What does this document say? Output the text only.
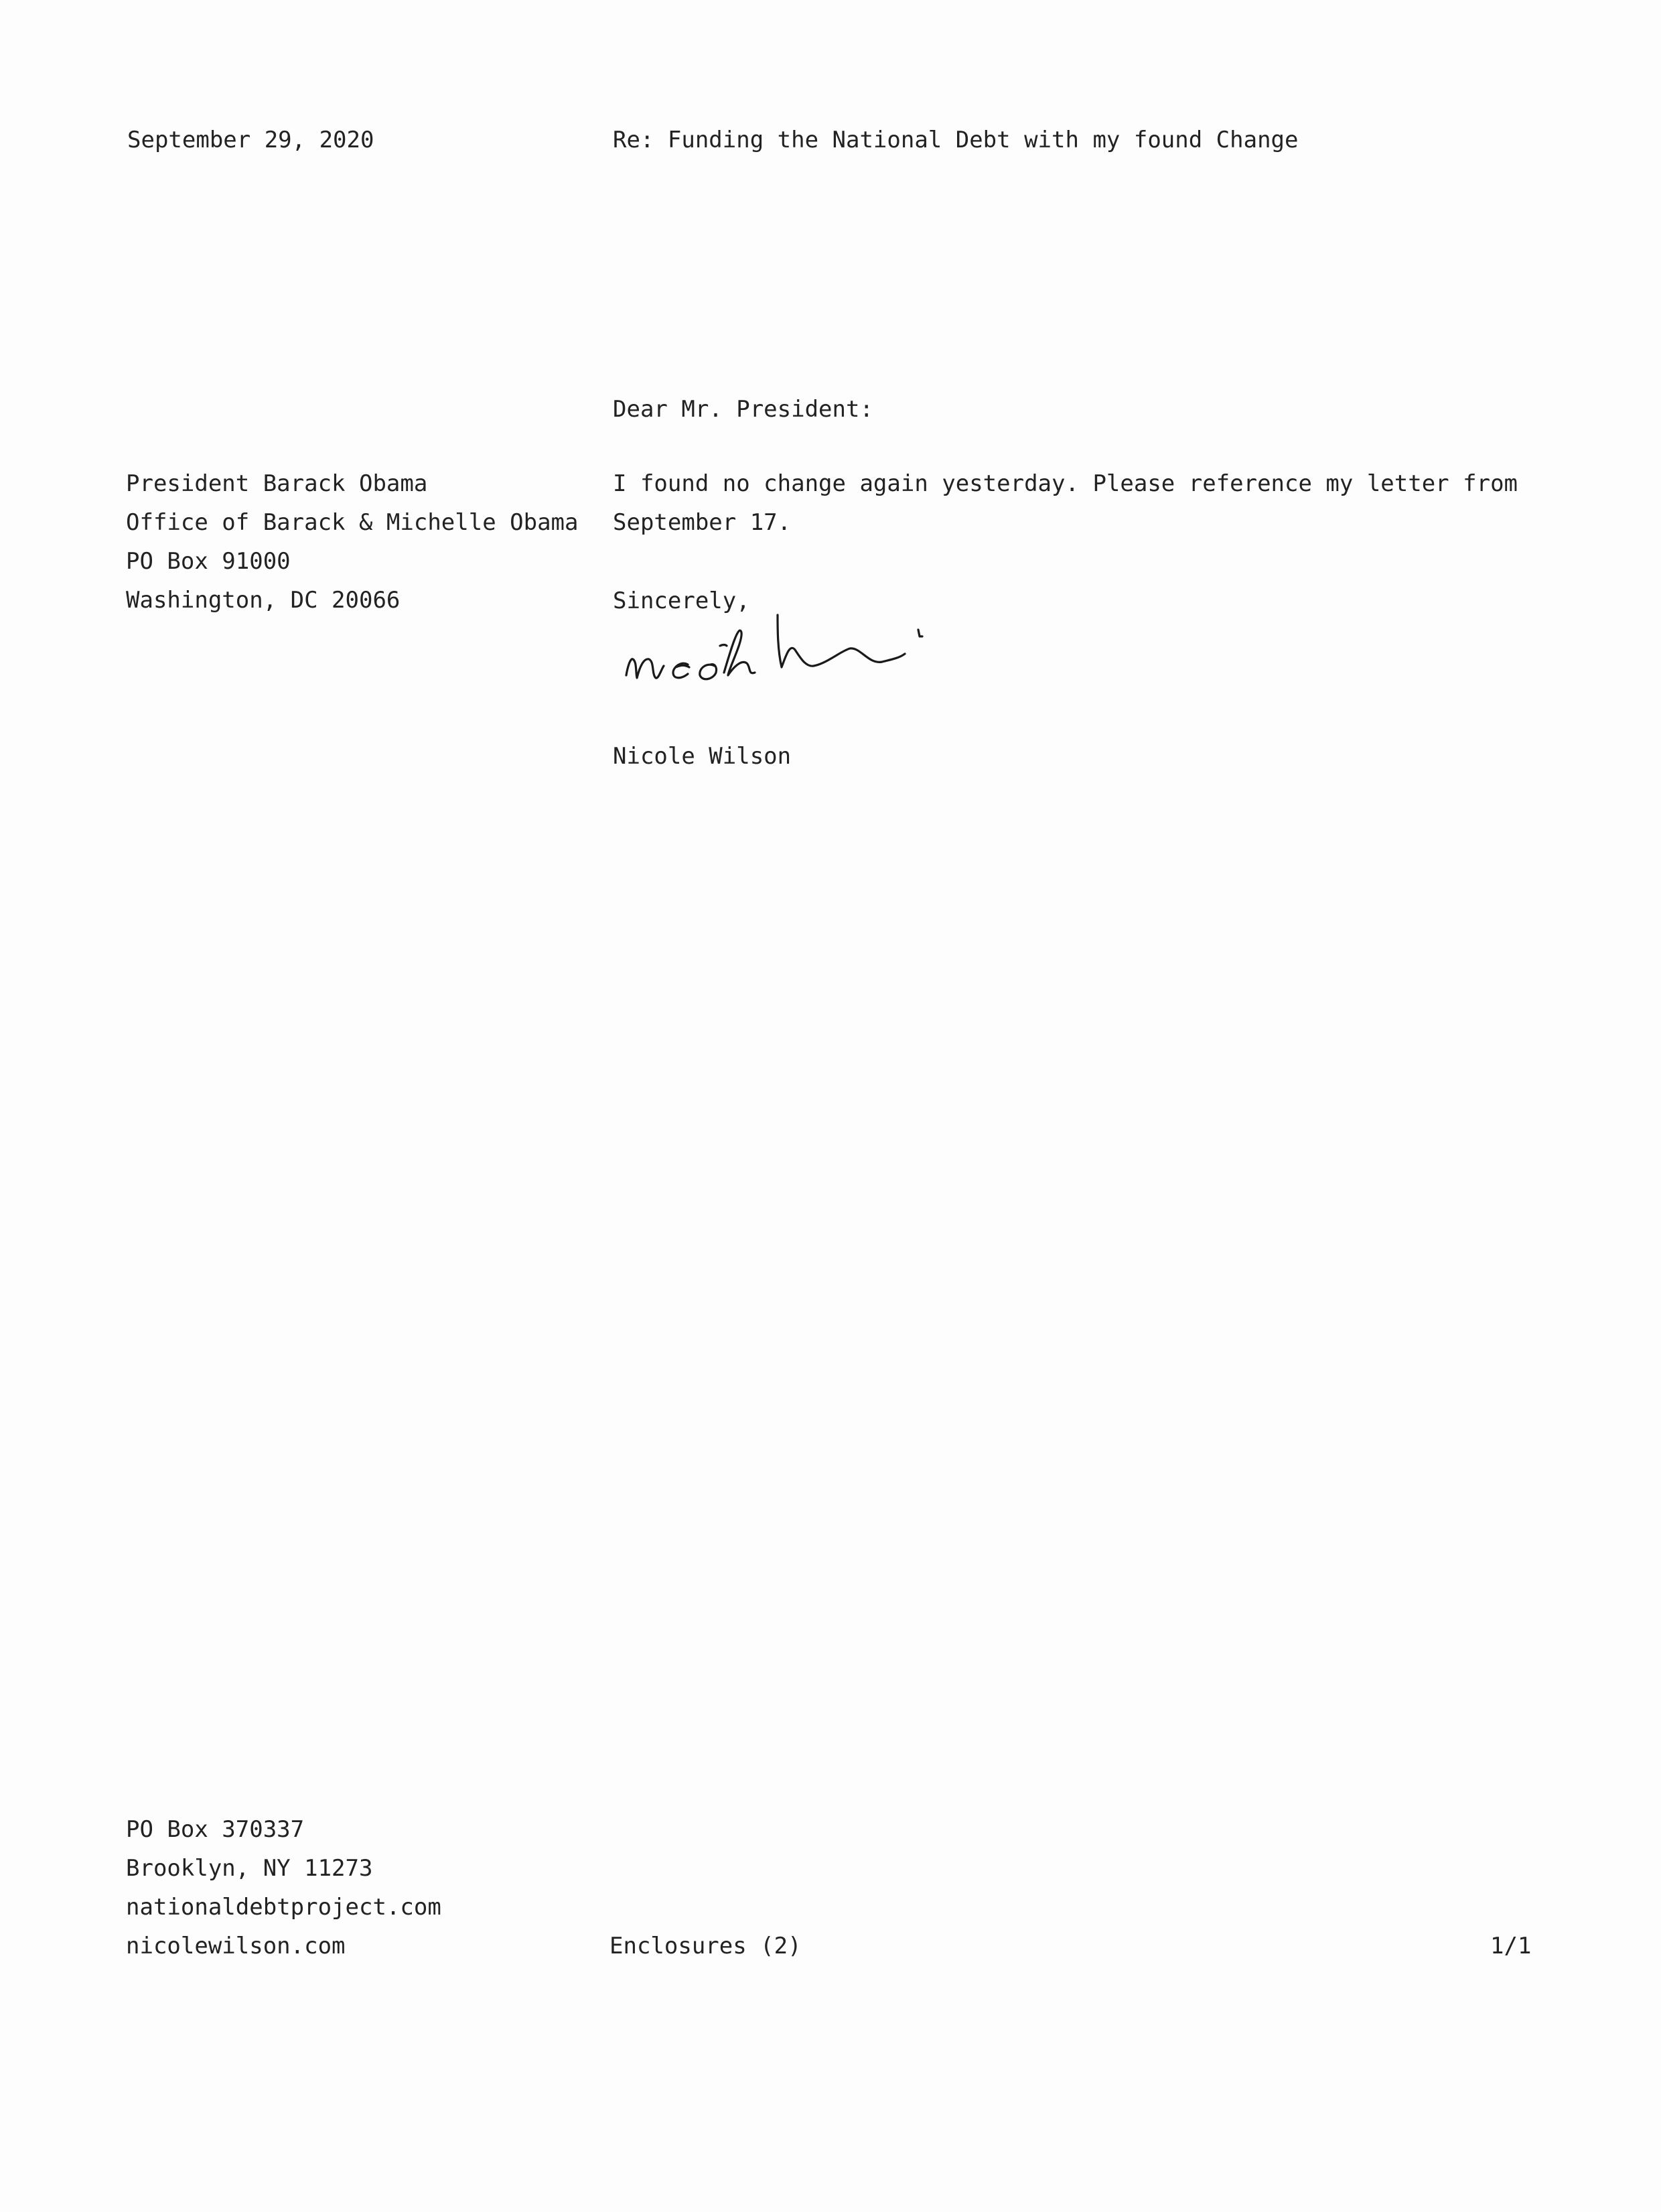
September 29, 2020	Re: Funding the National Debt with my found Change
Dear Mr. President:
President Barack Obama
Office of Barack & Michelle Obama
PO Box 91000
Washington, DC 20066
I found no change again yesterday. Please reference my letter from
September 17.
Sincerely,
Nicole Wilson
PO Box 370337
Brooklyn, NY 11273
nationaldebtproject.com
nicolewilson.com	Enclosures (2)	1/1
